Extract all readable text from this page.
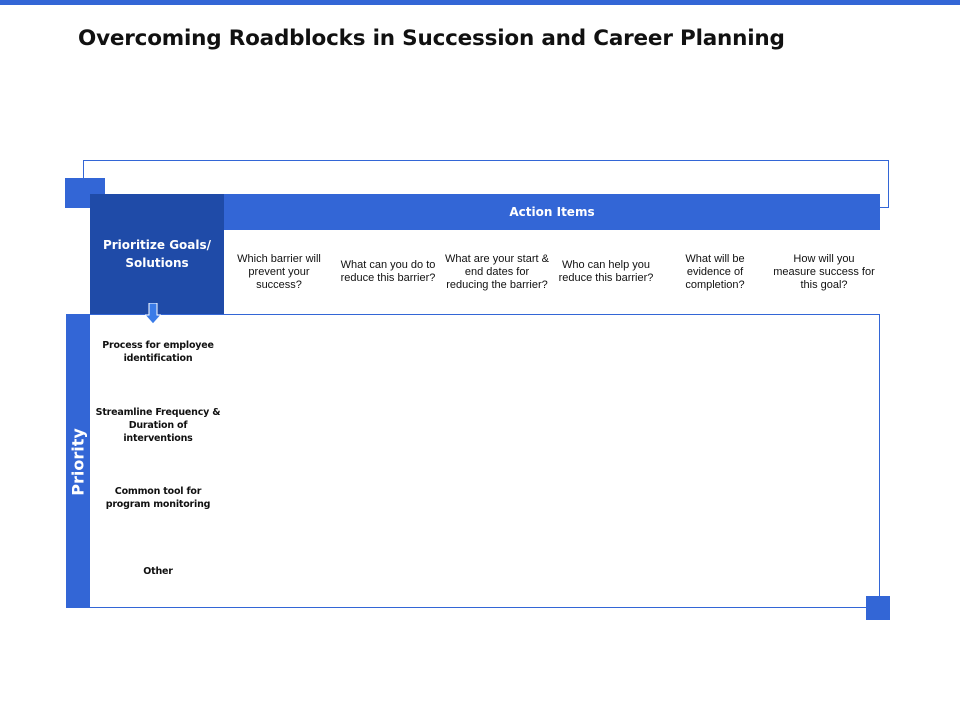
Overcoming Roadblocks in Succession and Career Planning
Priority
Prioritize Goals/ Solutions
Action Items
Which barrier will prevent your success?
What can you do to reduce this barrier?
What are your start & end dates for reducing the barrier?
Who can help you reduce this barrier?
What will be evidence of completion?
How will you measure success for this goal?
Process for employee identification
Streamline Frequency & Duration of interventions
Common tool for program monitoring
Other
